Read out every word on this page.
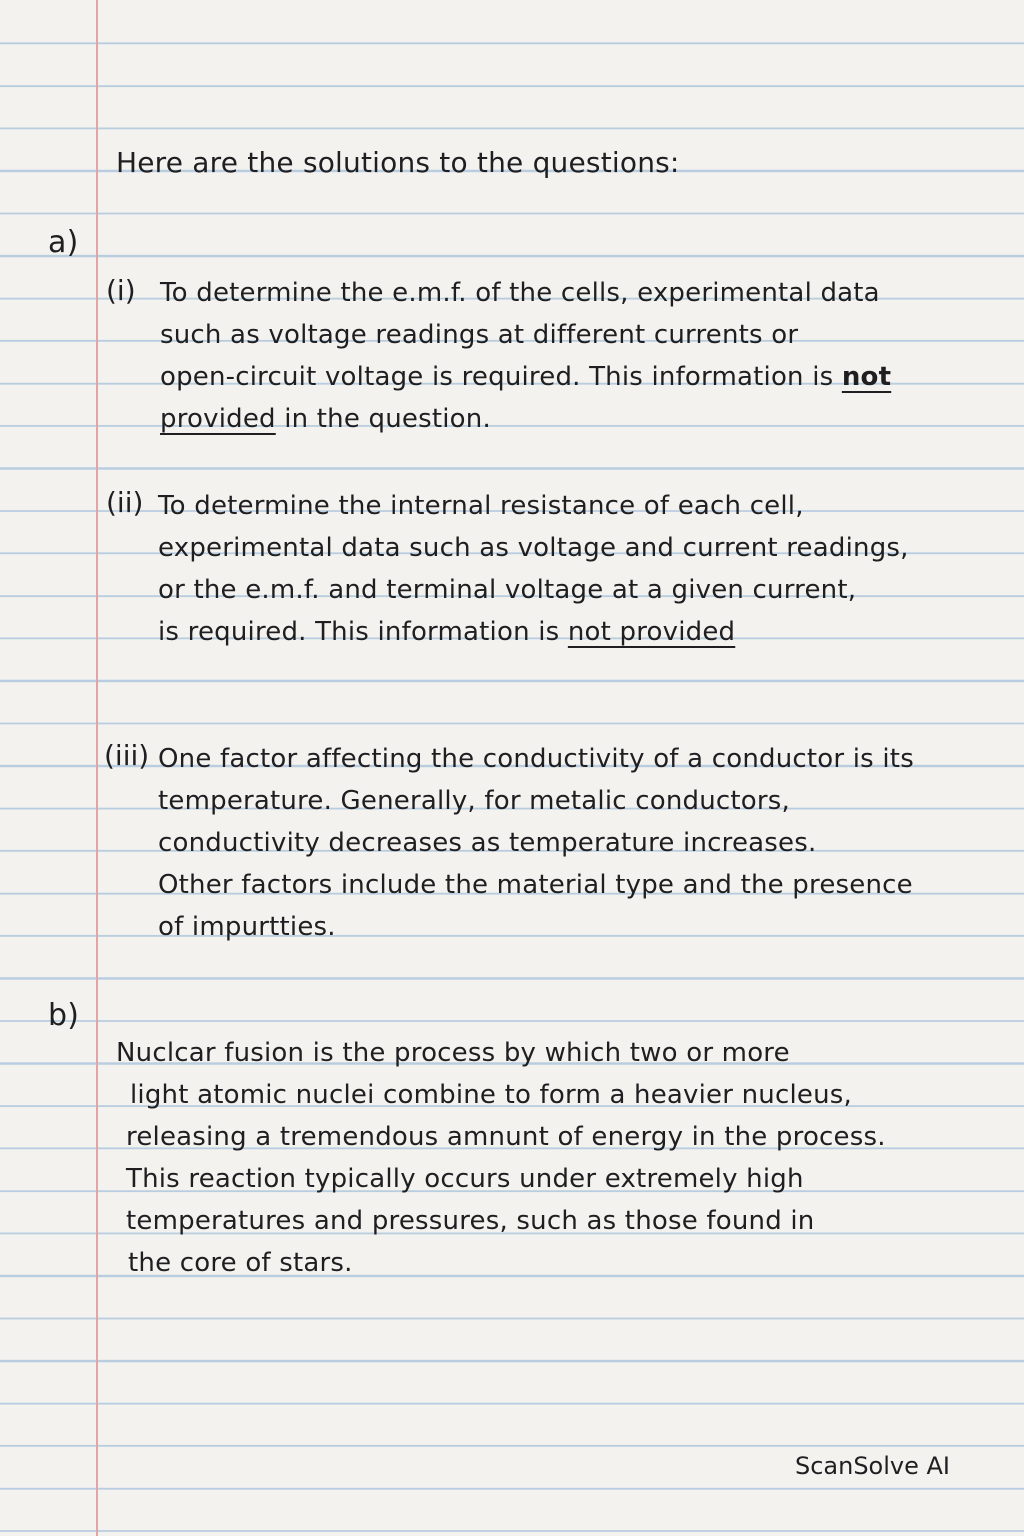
Here are the solutions to the questions:
a)
(i) To determine the e.m.f. of the cells, experimental data
such as voltage readings at different currents or
open-circuit voltage is required. This information is not
provided in the question.
(ii) To determine the internal resistance of each cell,
experimental data such as voltage and current readings,
or the e.m.f. and terminal voltage at a given current,
is required. This information is not provided
(iii) One factor affecting the conductivity of a conductor is its
temperature. Generally, for metalic conductors,
conductivity decreases as temperature increases.
Other factors include the material type and the presence
of impurtties.
b)
Nuclcar fusion is the process by which two or more
light atomic nuclei combine to form a heavier nucleus,
releasing a tremendous amnunt of energy in the process.
This reaction typically occurs under extremely high
temperatures and pressures, such as those found in
the core of stars.
ScanSolve AI
